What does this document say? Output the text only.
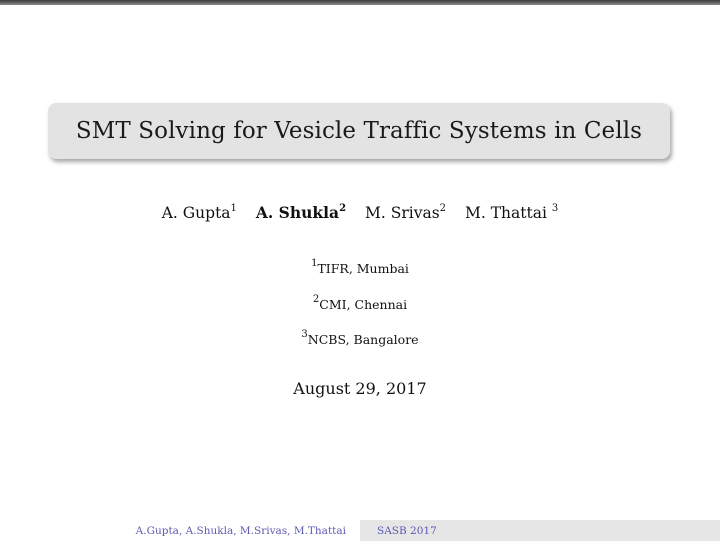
SMT Solving for Vesicle Traffic Systems in Cells
A. Gupta$^1$ A. Shukla$^2$ M. Srivas$^2$ M. Thattai $^3$
$^1$TIFR, Mumbai
$^2$CMI, Chennai
$^3$NCBS, Bangalore
August 29, 2017
A.Gupta, A.Shukla, M.Srivas, M.Thattai	SASB 2017
